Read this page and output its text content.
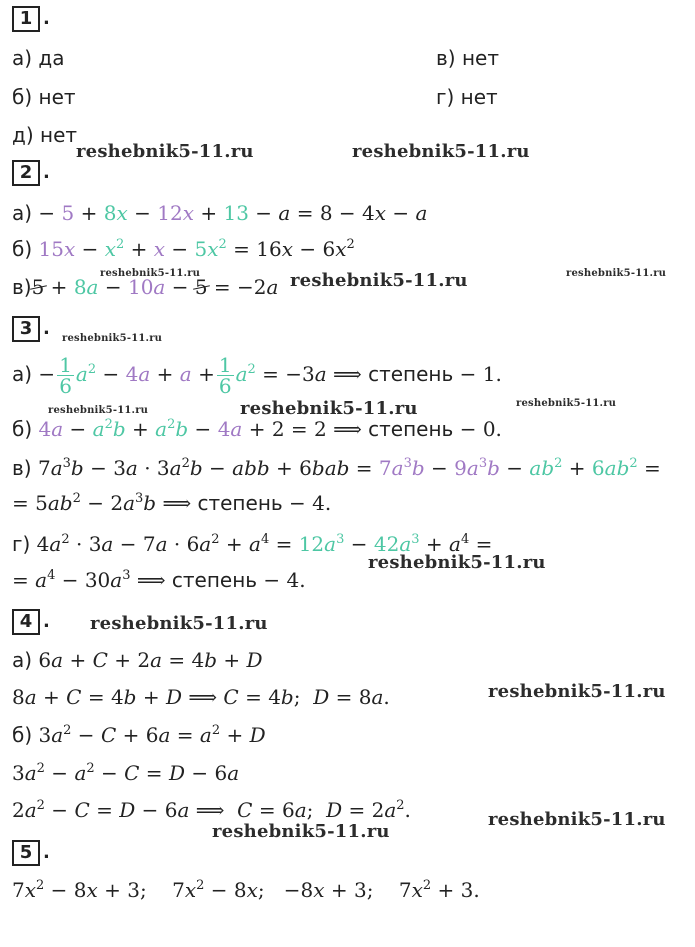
1 .
а) да	в) нет
б) нет	г) нет
д) нет
2 .
а) − 5 + 8x − 12x + 13 − a = 8 − 4x − a
б) $15x - x^2 + x - 5x^2 = 16x - 6x^2$
в)5 + 8a − 10a − 5 = −2a
3 .
$а) - \frac{1}{6} a^2 - 4a + a + \frac{1}{6} a^2 = -3a$ ⟹ степень − 1.
б) $4a - a^2b + a^2b - 4a + 2 = 2$ ⟹ степень − 0.
в) $7a^3b - 3a \cdot 3a^2b$ − abb + $6bab = 7a^3b - 9a^3b - ab^2 + 6ab^2$ =
= $5ab^2 - 2a^3b$ ⟹ степень − 4.
г) $4a^2 \cdot 3a - 7a \cdot 6a^2 + a^4 = 12a^3 - 42a^3 + a^4$ =
= $a^4 - 30a^3$ ⟹ степень − 4.
4 .
а) 6a + C + 2a = 4b + D
8a + C = 4b + D ⟹ C = 4b;  D = 8a.
б) $3a^2 - C + 6a = a^2 + D$
$3a^2 - a^2 - C = D - 6a$
$2a^2 - C = D - 6a$ ⟹  C = 6a;  $D = 2a^2$.
5 .
$7x^2 - 8x + 3$;    $7x^2 - 8x$;   −8x + 3;    $7x^2 + 3$.
reshebnik5-11.ru	reshebnik5-11.ru
reshebnik5-11.ru	reshebnik5-11.ru	reshebnik5-11.ru
reshebnik5-11.ru
reshebnik5-11.ru	reshebnik5-11.ru	reshebnik5-11.ru
reshebnik5-11.ru
reshebnik5-11.ru
reshebnik5-11.ru
reshebnik5-11.ru
reshebnik5-11.ru
